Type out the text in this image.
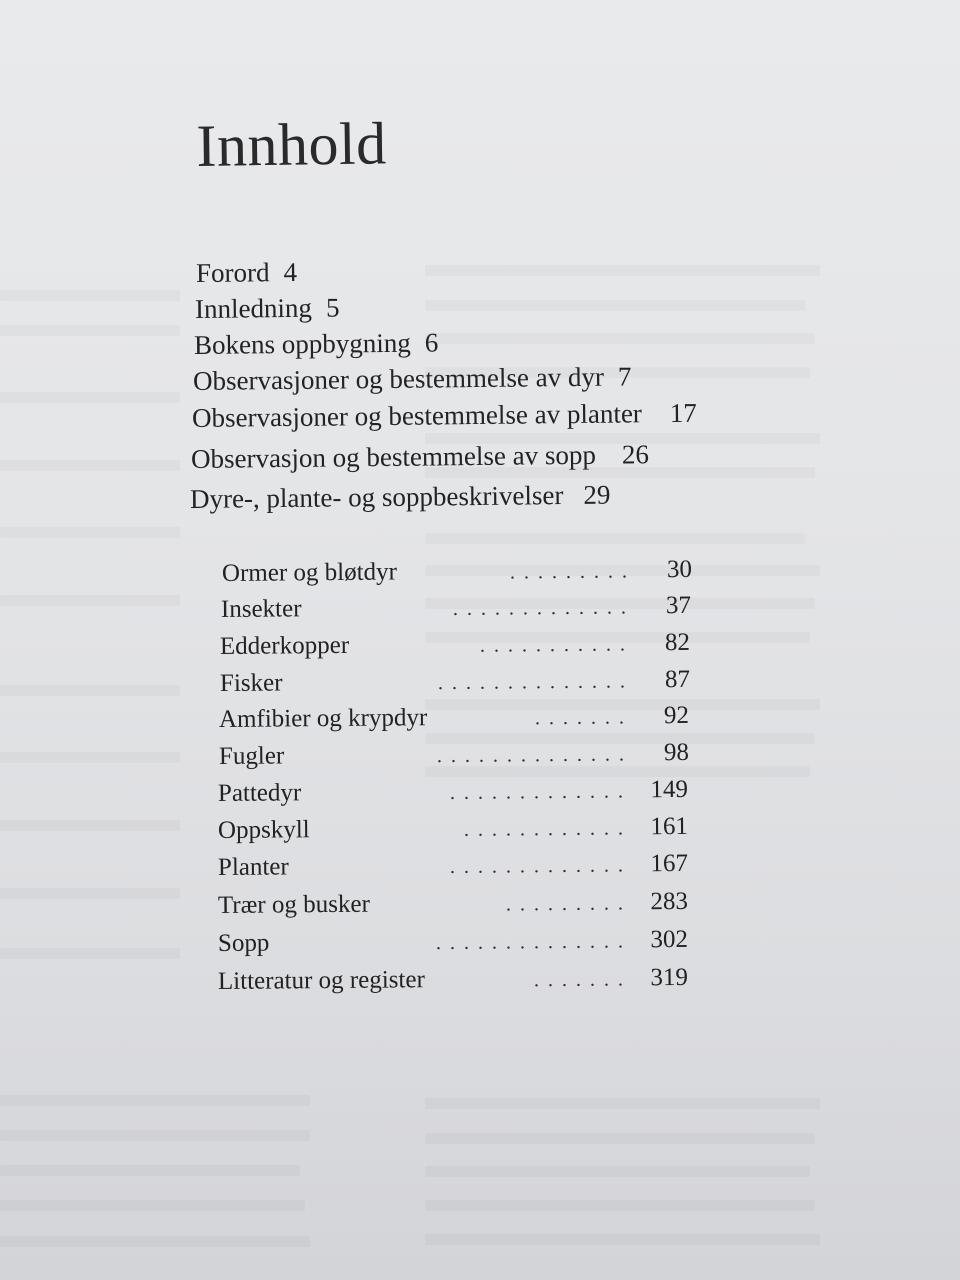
Innhold
Forord 4
Innledning 5
Bokens oppbygning 6
Observasjoner og bestemmelse av dyr 7
Observasjoner og bestemmelse av planter 17
Observasjon og bestemmelse av sopp 26
Dyre-, plante- og soppbeskrivelser 29
Ormer og bløtdyr	.........	30
Insekter	.............	37
Edderkopper	...........	82
Fisker	..............	87
Amfibier og krypdyr	.......	92
Fugler	..............	98
Pattedyr	............. 149
Oppskyll	............ 161
Planter	............. 167
Trær og busker	......... 283
Sopp	.............. 302
Litteratur og register	....... 319
